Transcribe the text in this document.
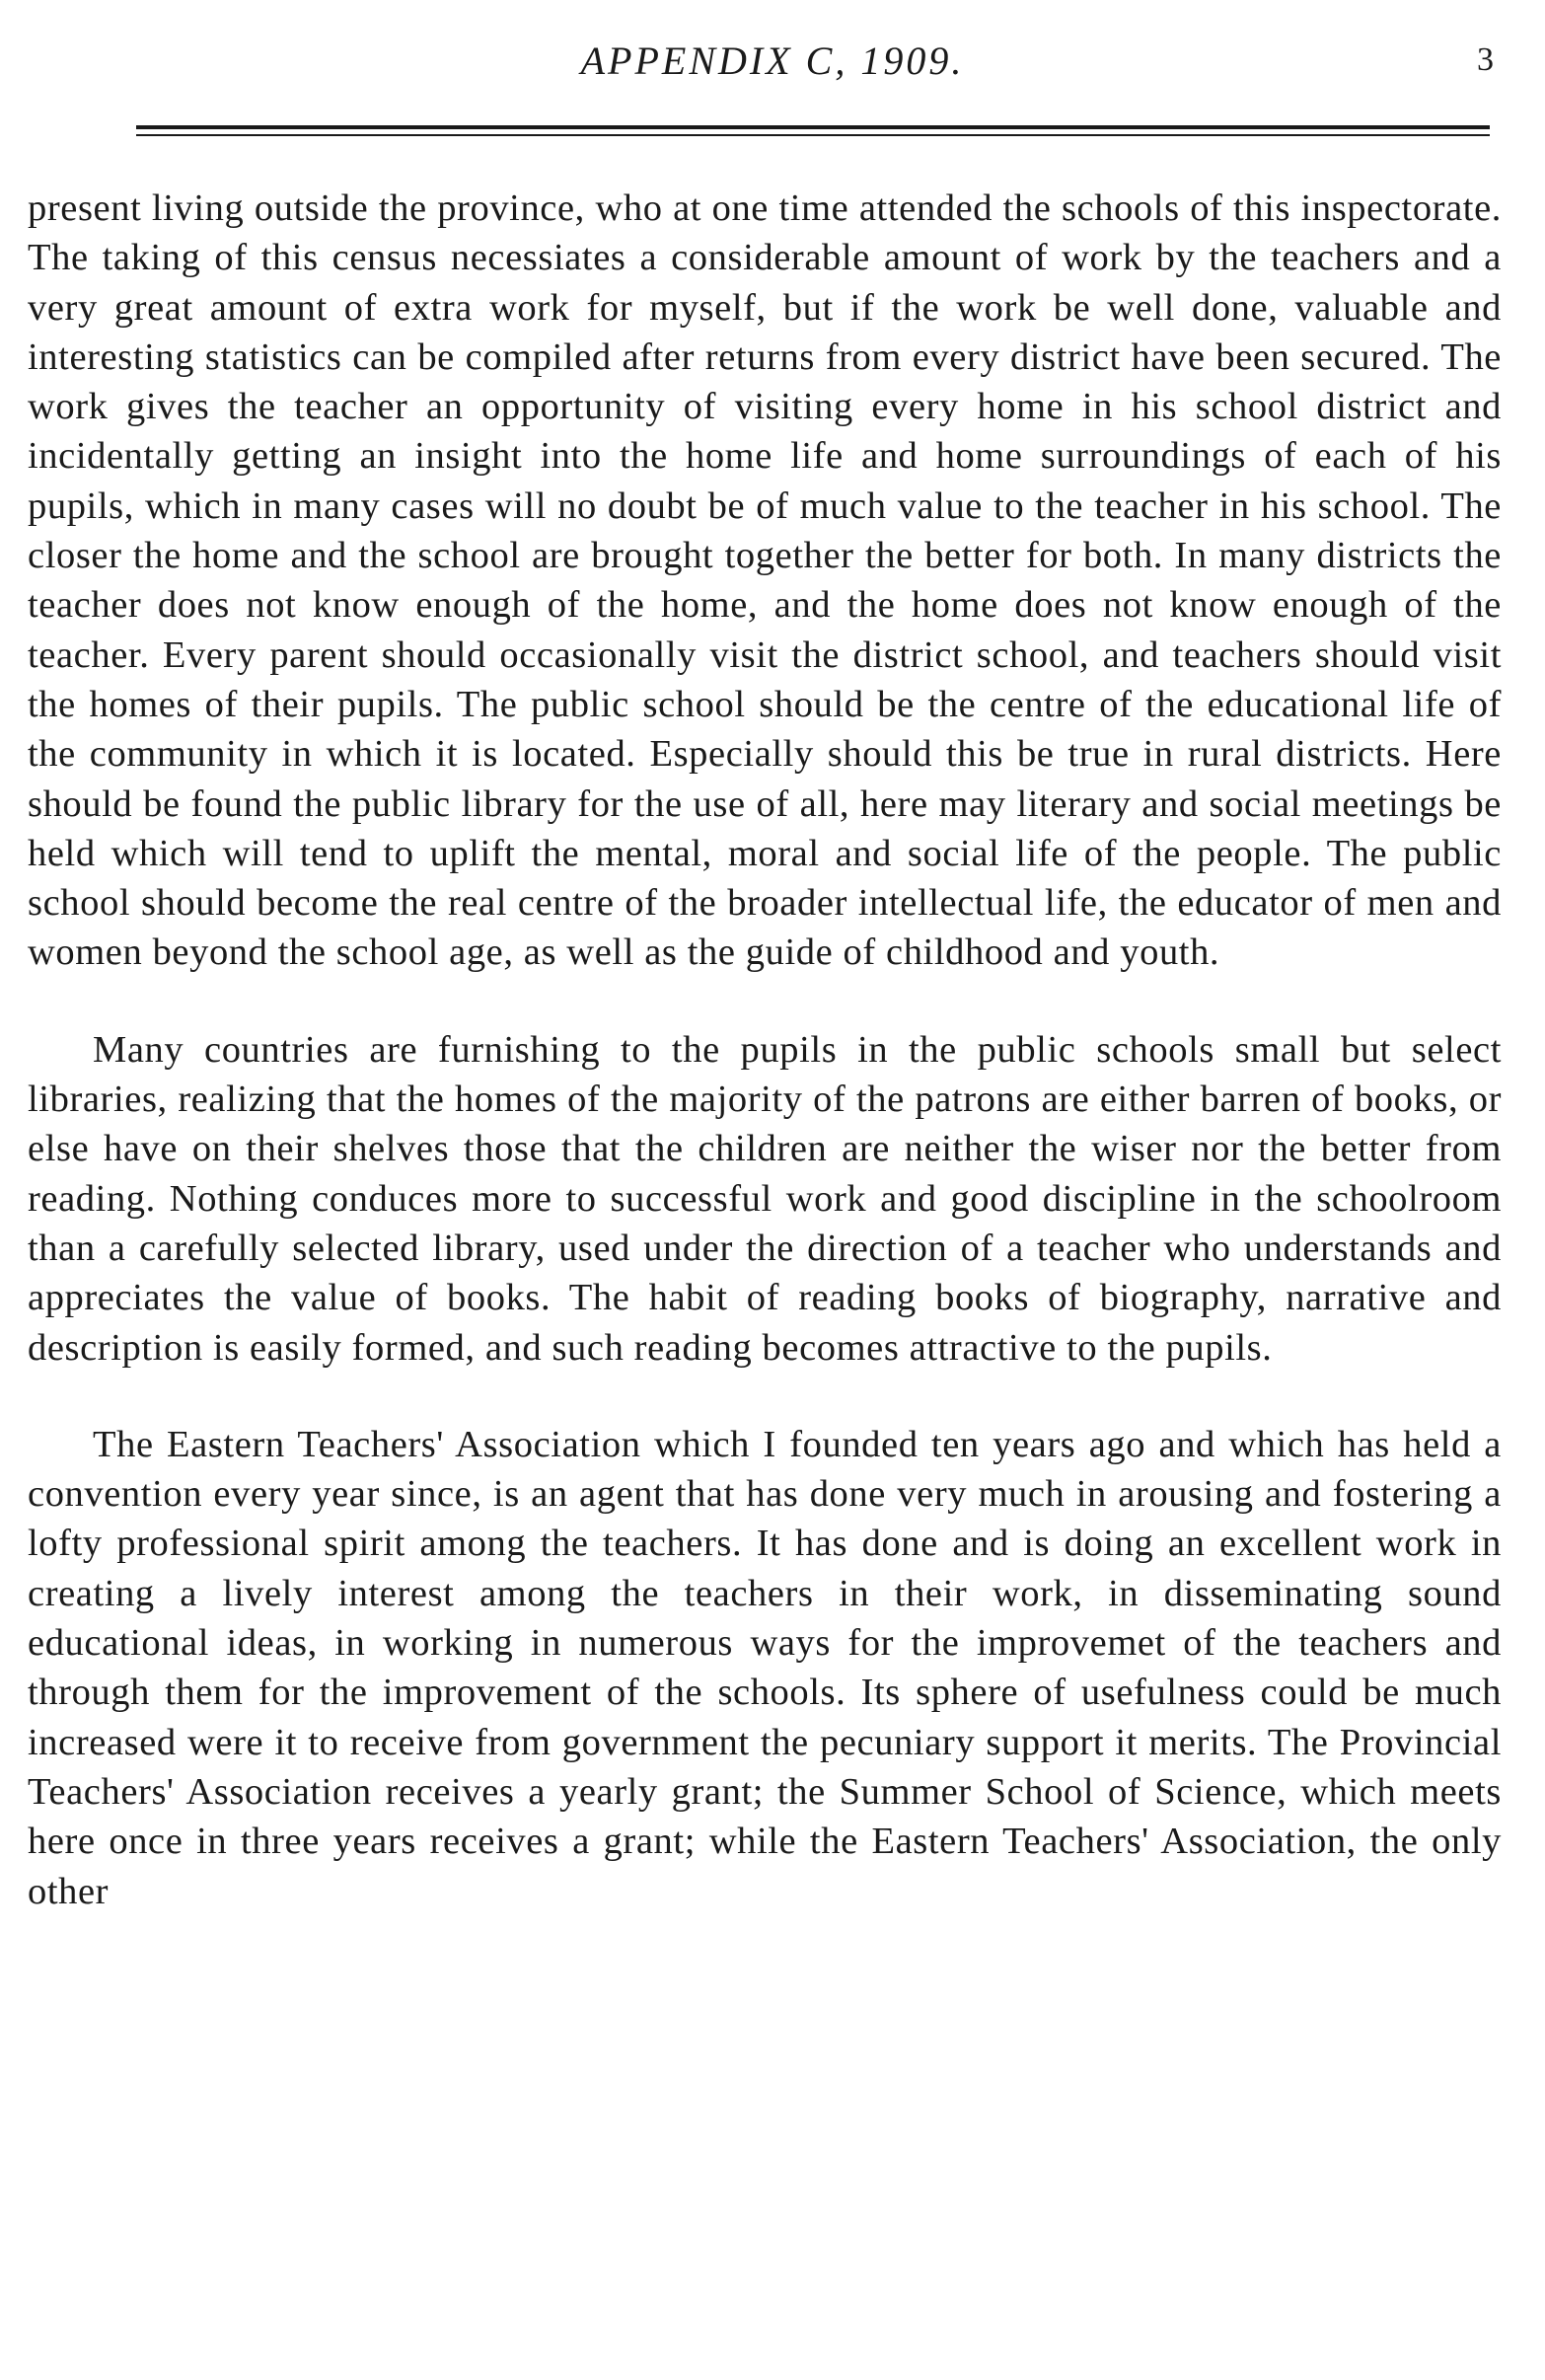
APPENDIX C, 1909.	3

present living outside the province, who at one time attended the schools of this inspectorate. The taking of this census necessiates a considerable amount of work by the teachers and a very great amount of extra work for myself, but if the work be well done, valuable and interesting statistics can be compiled after returns from every district have been secured. The work gives the teacher an opportunity of visiting every home in his school district and incidentally getting an insight into the home life and home surroundings of each of his pupils, which in many cases will no doubt be of much value to the teacher in his school. The closer the home and the school are brought together the better for both. In many districts the teacher does not know enough of the home, and the home does not know enough of the teacher. Every parent should occasionally visit the district school, and teachers should visit the homes of their pupils. The public school should be the centre of the educational life of the community in which it is located. Especially should this be true in rural districts. Here should be found the public library for the use of all, here may literary and social meetings be held which will tend to uplift the mental, moral and social life of the people. The public school should become the real centre of the broader intellectual life, the educator of men and women beyond the school age, as well as the guide of childhood and youth.

Many countries are furnishing to the pupils in the public schools small but select libraries, realizing that the homes of the majority of the patrons are either barren of books, or else have on their shelves those that the children are neither the wiser nor the better from reading. Nothing conduces more to successful work and good discipline in the schoolroom than a carefully selected library, used under the direction of a teacher who understands and appreciates the value of books. The habit of reading books of biography, narrative and description is easily formed, and such reading becomes attractive to the pupils.

The Eastern Teachers' Association which I founded ten years ago and which has held a convention every year since, is an agent that has done very much in arousing and fostering a lofty professional spirit among the teachers. It has done and is doing an excellent work in creating a lively interest among the teachers in their work, in disseminating sound educational ideas, in working in numerous ways for the improvemet of the teachers and through them for the improvement of the schools. Its sphere of usefulness could be much increased were it to receive from government the pecuniary support it merits. The Provincial Teachers' Association receives a yearly grant; the Summer School of Science, which meets here once in three years receives a grant; while the Eastern Teachers' Association, the only other
